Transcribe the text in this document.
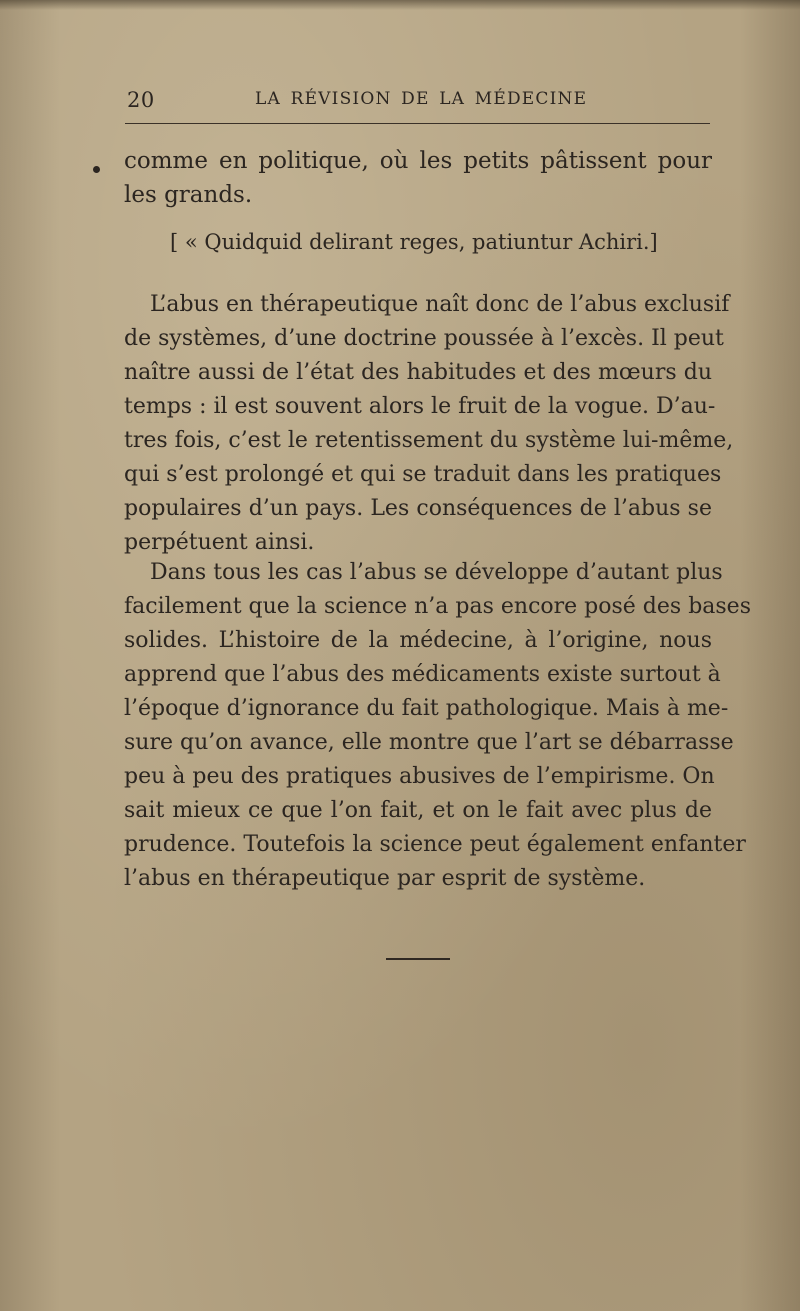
20	LA RÉVISION DE LA MÉDECINE

comme en politique, où les petits pâtissent pour
les grands.

[ « Quidquid delirant reges, patiuntur Achiri.]

L’abus en thérapeutique naît donc de l’abus exclusif
de systèmes, d’une doctrine poussée à l’excès. Il peut
naître aussi de l’état des habitudes et des mœurs du
temps : il est souvent alors le fruit de la vogue. D’au-
tres fois, c’est le retentissement du système lui-même,
qui s’est prolongé et qui se traduit dans les pratiques
populaires d’un pays. Les conséquences de l’abus se
perpétuent ainsi.

Dans tous les cas l’abus se développe d’autant plus
facilement que la science n’a pas encore posé des bases
solides. L’histoire de la médecine, à l’origine, nous
apprend que l’abus des médicaments existe surtout à
l’époque d’ignorance du fait pathologique. Mais à me-
sure qu’on avance, elle montre que l’art se débarrasse
peu à peu des pratiques abusives de l’empirisme. On
sait mieux ce que l’on fait, et on le fait avec plus de
prudence. Toutefois la science peut également enfanter
l’abus en thérapeutique par esprit de système.
